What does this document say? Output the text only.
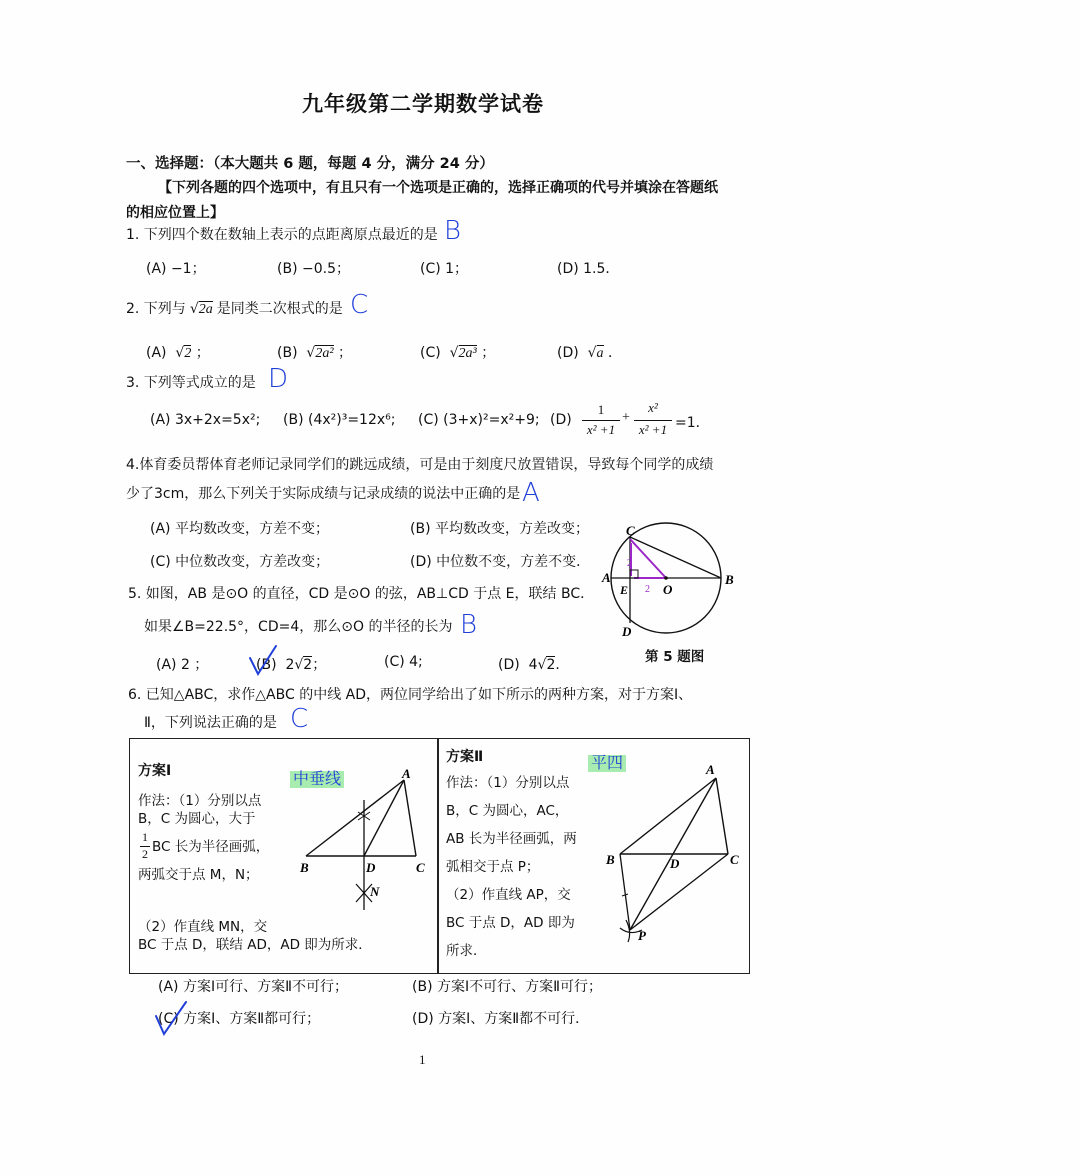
九年级第二学期数学试卷
一、选择题：（本大题共 6 题，每题 4 分，满分 24 分）
【下列各题的四个选项中，有且只有一个选项是正确的，选择正确项的代号并填涂在答题纸
的相应位置上】
1. 下列四个数在数轴上表示的点距离原点最近的是 B
(A) −1；	(B) −0.5；	(C) 1；	(D) 1.5．
2. 下列与 √2a 是同类二次根式的是 C
(A)  √2 ；	(B)  √2a² ；	(C)  √2a³ ；	(D)  √a ．
3. 下列等式成立的是 D
(A) 3x+2x=5x²; (B) (4x²)³=12x⁶; (C) (3+x)²=x²+9; (D)
1
x² +1
+
x²
x² +1 =1．
4.体育委员帮体育老师记录同学们的跳远成绩，可是由于刻度尺放置错误，导致每个同学的成绩
少了3cm，那么下列关于实际成绩与记录成绩的说法中正确的是 A
(A) 平均数改变，方差不变；	(B) 平均数改变，方差改变；
(C) 中位数改变，方差改变；	(D) 中位数不变，方差不变．
5. 如图，AB 是⊙O 的直径，CD 是⊙O 的弦，AB⊥CD 于点 E，联结 BC．
如果∠B=22.5°，CD=4，那么⊙O 的半径的长为 B
(A) 2 ；	(B) 2√2；	(C) 4;	(D) 4√2．
C
A
E	O
B
D
2
2
第 5 题图
6. 已知△ABC，求作△ABC 的中线 AD，两位同学给出了如下所示的两种方案，对于方案Ⅰ、
Ⅱ，下列说法正确的是 C
方案Ⅰ	中垂线
作法：（1）分别以点
B，C 为圆心，大于
1
2 BC 长为半径画弧，
两弧交于点 M，N；
（2）作直线 MN，交
BC 于点 D，联结 AD，AD 即为所求．
A
B	D	C
N
方案Ⅱ	平四
作法：（1）分别以点
B，C 为圆心，AC，
AB 长为半径画弧，两
弧相交于点 P；
（2）作直线 AP，交
BC 于点 D，AD 即为
所求．
A
B	D	C
P
(A) 方案Ⅰ可行、方案Ⅱ不可行；	(B) 方案Ⅰ不可行、方案Ⅱ可行；
(C) 方案Ⅰ、方案Ⅱ都可行；	(D) 方案Ⅰ、方案Ⅱ都不可行．
1
